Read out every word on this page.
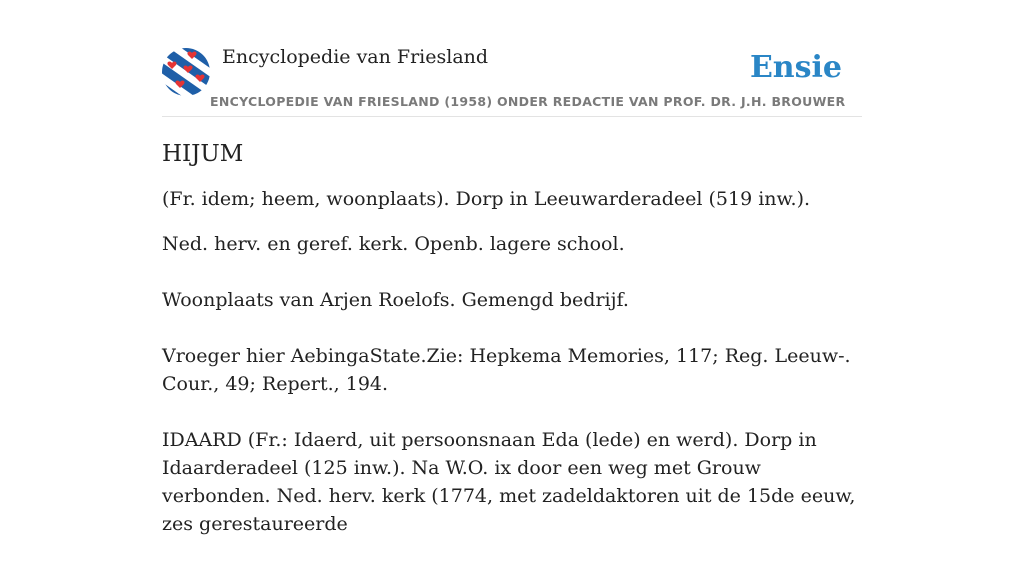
Encyclopedie van Friesland	Ensie
ENCYCLOPEDIE VAN FRIESLAND (1958) ONDER REDACTIE VAN PROF. DR. J.H. BROUWER
HIJUM

(Fr. idem; heem, woonplaats). Dorp in Leeuwarderadeel (519 inw.).

Ned. herv. en geref. kerk. Openb. lagere school.

Woonplaats van Arjen Roelofs. Gemengd bedrijf.

Vroeger hier AebingaState.Zie: Hepkema Memories, 117; Reg. Leeuw-. Cour., 49; Repert., 194.

IDAARD (Fr.: Idaerd, uit persoonsnaan Eda (lede) en werd). Dorp in Idaarderadeel (125 inw.). Na W.O. ix door een weg met Grouw verbonden. Ned. herv. kerk (1774, met zadeldaktoren uit de 15de eeuw, zes gerestaureerde
